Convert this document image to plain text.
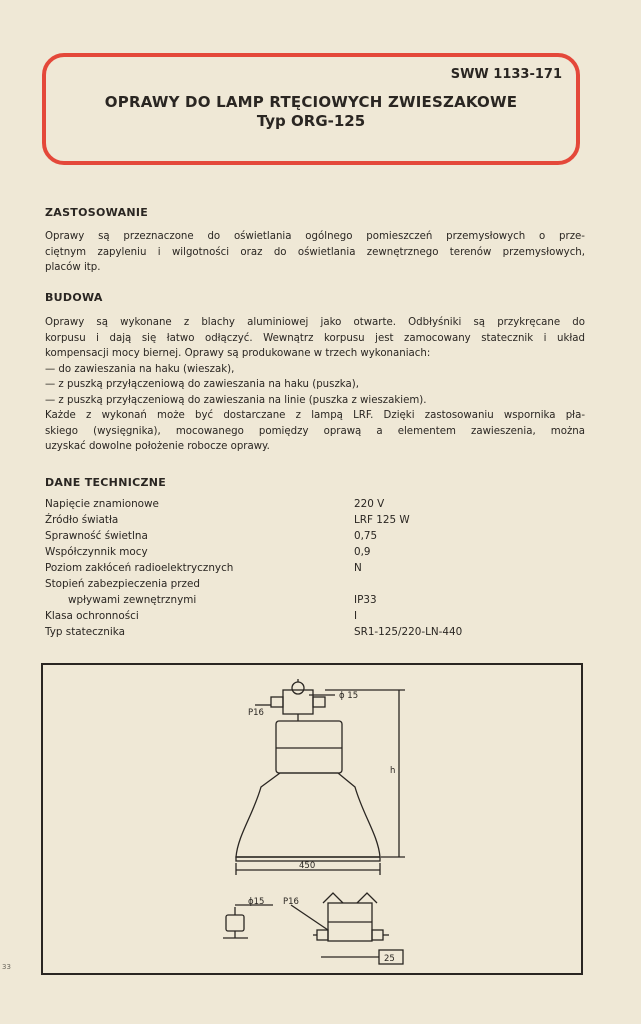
SWW 1133-171
OPRAWY DO LAMP RTĘCIOWYCH ZWIESZAKOWE
Typ ORG-125
ZASTOSOWANIE
Oprawy są przeznaczone do oświetlania ogólnego pomieszczeń przemysłowych o prze-
ciętnym zapyleniu i wilgotności oraz do oświetlania zewnętrznego terenów przemysłowych,
placów itp.
BUDOWA
Oprawy są wykonane z blachy aluminiowej jako otwarte. Odbłyśniki są przykręcane do
korpusu i dają się łatwo odłączyć. Wewnątrz korpusu jest zamocowany statecznik i układ
kompensacji mocy biernej. Oprawy są produkowane w trzech wykonaniach:
— do zawieszania na haku (wieszak),
— z puszką przyłączeniową do zawieszania na haku (puszka),
— z puszką przyłączeniową do zawieszania na linie (puszka z wieszakiem).
Każde z wykonań może być dostarczane z lampą LRF. Dzięki zastosowaniu wspornika pła-
skiego (wysięgnika), mocowanego pomiędzy oprawą a elementem zawieszenia, można
uzyskać dowolne położenie robocze oprawy.
DANE TECHNICZNE
Napięcie znamionowe	220 V
Źródło światła	LRF 125 W
Sprawność świetlna	0,75
Współczynnik mocy	0,9
Poziom zakłóceń radioelektrycznych	N
Stopień zabezpieczenia przed
wpływami zewnętrznymi	IP33
Klasa ochronności	I
Typ statecznika	SR1-125/220-LN-440
ϕ 15
P16
h
450
ϕ15 P16
25
33
